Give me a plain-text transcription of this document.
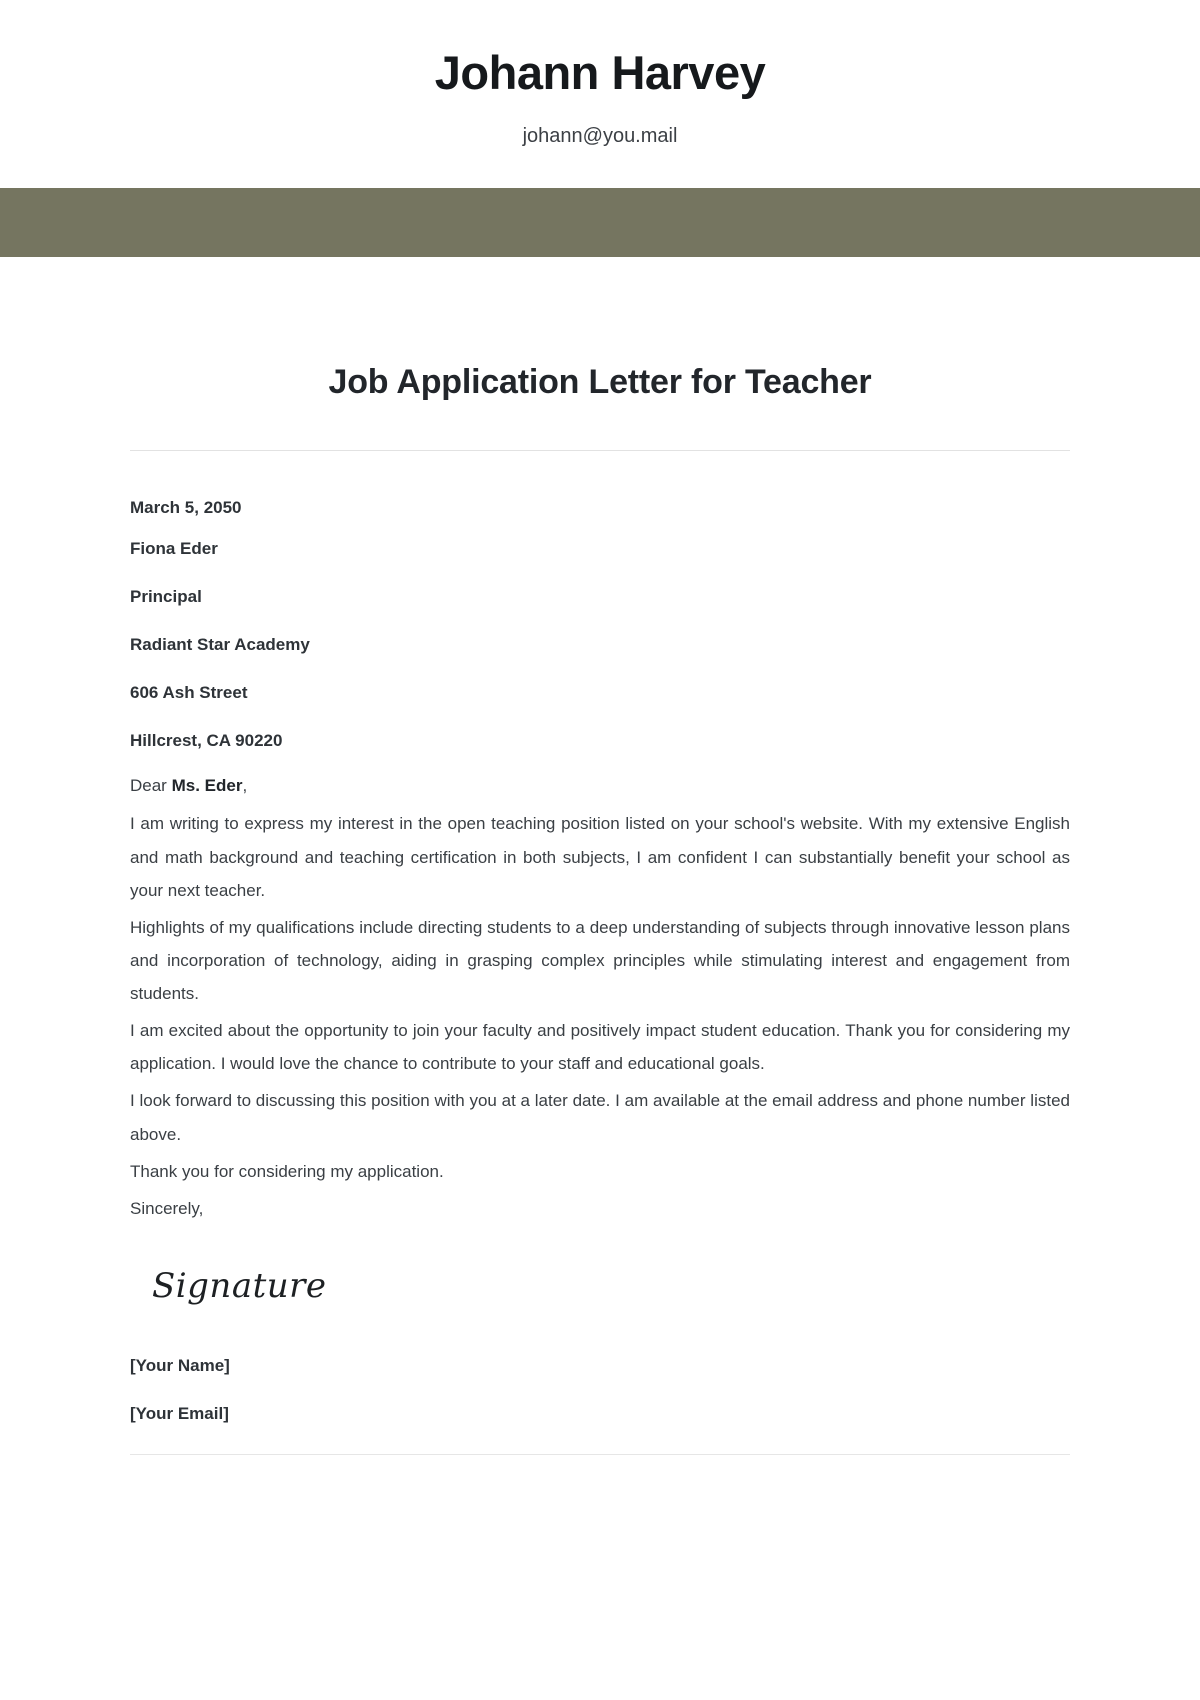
Johann Harvey
johann@you.mail
Job Application Letter for Teacher
March 5, 2050
Fiona Eder
Principal
Radiant Star Academy
606 Ash Street
Hillcrest, CA 90220

Dear Ms. Eder,

I am writing to express my interest in the open teaching position listed on your school's website. With my extensive English and math background and teaching certification in both subjects, I am confident I can substantially benefit your school as your next teacher.

Highlights of my qualifications include directing students to a deep understanding of subjects through innovative lesson plans and incorporation of technology, aiding in grasping complex principles while stimulating interest and engagement from students.

I am excited about the opportunity to join your faculty and positively impact student education. Thank you for considering my application. I would love the chance to contribute to your staff and educational goals.

I look forward to discussing this position with you at a later date. I am available at the email address and phone number listed above.

Thank you for considering my application.

Sincerely,

Signature
[Your Name]
[Your Email]
